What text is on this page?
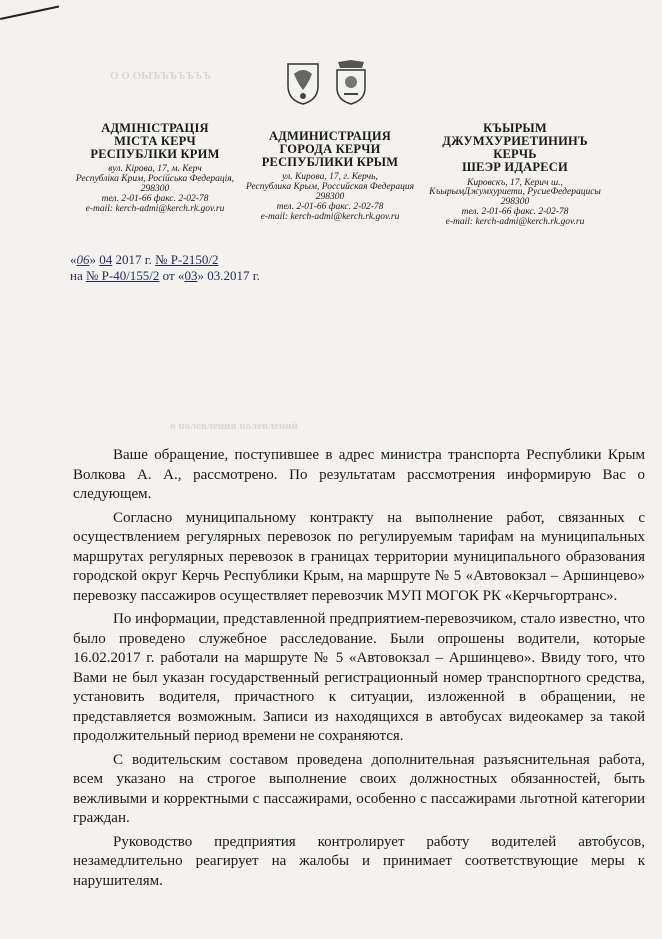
О О ОЫЪЪЪЪЪЪЪ
о полевления полевлений
АДМІНІСТРАЦІЯ
МІСТА КЕРЧ
РЕСПУБЛІКИ КРИМ
вул. Кірова, 17, м. Керч
Республіка Крим, Російська Федерація,
298300
тел. 2-01-66 факс. 2-02-78
e-mail: kerch-admi@kerch.rk.gov.ru
АДМИНИСТРАЦИЯ
ГОРОДА КЕРЧИ
РЕСПУБЛИКИ КРЫМ
ул. Кирова, 17, г. Керчь,
Республика Крым, Российская Федерация
298300
тел. 2-01-66 факс. 2-02-78
e-mail: kerch-admi@kerch.rk.gov.ru
КЪЫРЫМ
ДЖУМХУРИЕТИНИНЪ КЕРЧЬ
ШЕЭР ИДАРЕСИ
Кировскъ, 17, Керич ш.,
КъырымДжумхуриети, РусиеФедерацисы
298300
тел. 2-01-66 факс. 2-02-78
e-mail: kerch-admi@kerch.rk.gov.ru
«06» 04 2017 г. № Р-2150/2
на № Р-40/155/2 от «03» 03.2017 г.

Ваше обращение, поступившее в адрес министра транспорта Республики Крым Волкова А. А., рассмотрено. По результатам рассмотрения информирую Вас о следующем.

Согласно муниципальному контракту на выполнение работ, связанных с осуществлением регулярных перевозок по регулируемым тарифам на муниципальных маршрутах регулярных перевозок в границах территории муниципального образования городской округ Керчь Республики Крым, на маршруте № 5 «Автовокзал – Аршинцево» перевозку пассажиров осуществляет перевозчик МУП МОГОК РК «Керчьгортранс».

По информации, представленной предприятием-перевозчиком, стало известно, что было проведено служебное расследование. Были опрошены водители, которые 16.02.2017 г. работали на маршруте № 5 «Автовокзал – Аршинцево». Ввиду того, что Вами не был указан государственный регистрационный номер транспортного средства, установить водителя, причастного к ситуации, изложенной в обращении, не представляется возможным. Записи из находящихся в автобусах видеокамер за такой продолжительный период времени не сохраняются.

С водительским составом проведена дополнительная разъяснительная работа, всем указано на строгое выполнение своих должностных обязанностей, быть вежливыми и корректными с пассажирами, особенно с пассажирами льготной категории граждан.

Руководство предприятия контролирует работу водителей автобусов, незамедлительно реагирует на жалобы и принимает соответствующие меры к нарушителям.
